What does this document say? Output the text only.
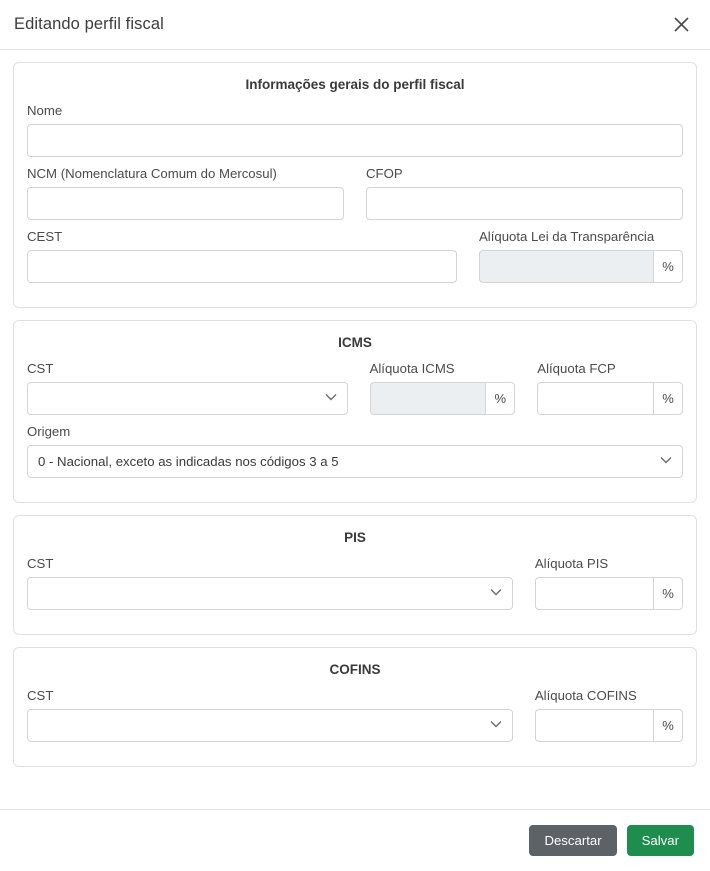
Editando perfil fiscal
Informações gerais do perfil fiscal
Nome
NCM (Nomenclatura Comum do Mercosul)	CFOP
CEST	Alíquota Lei da Transparência
%
ICMS
CST	Alíquota ICMS
%
Alíquota FCP
%
Origem
0 - Nacional, exceto as indicadas nos códigos 3 a 5
PIS
CST	Alíquota PIS
%
COFINS
CST	Alíquota COFINS
%
Descartar	Salvar
